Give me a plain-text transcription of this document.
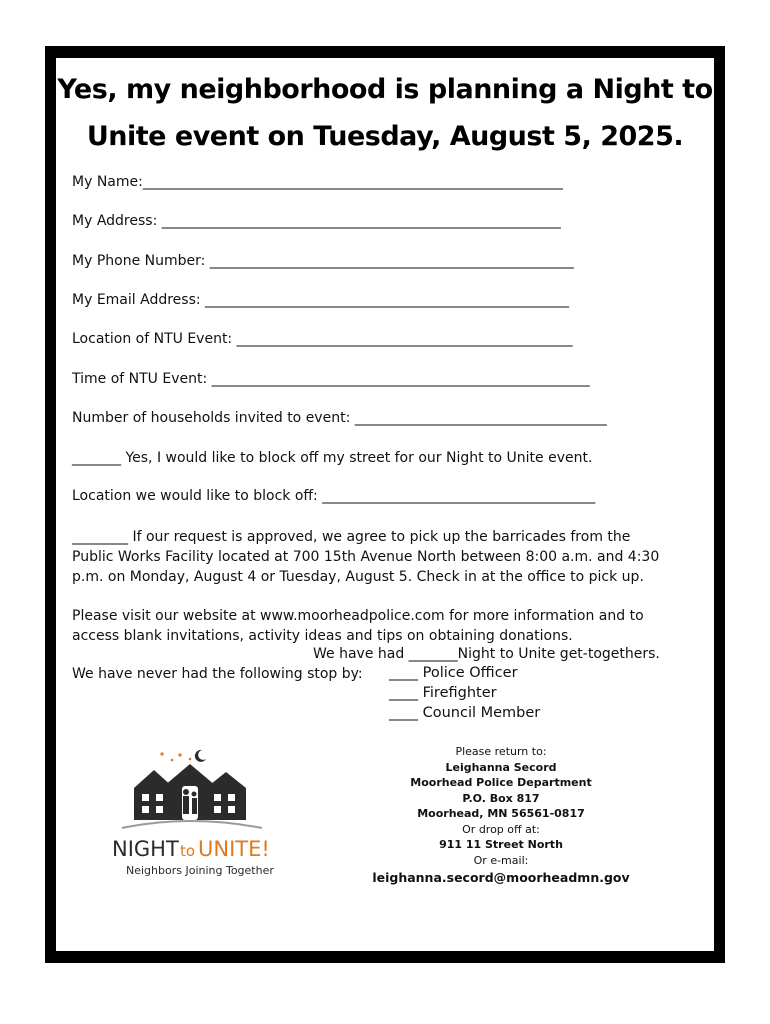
Yes, my neighborhood is planning a Night to
Unite event on Tuesday, August 5, 2025.
My Name:____________________________________________________________
My Address: _________________________________________________________
My Phone Number: ____________________________________________________
My Email Address: ____________________________________________________
Location of NTU Event: ________________________________________________
Time of NTU Event: ______________________________________________________
Number of households invited to event: ____________________________________
_______ Yes, I would like to block off my street for our Night to Unite event.
Location we would like to block off: _______________________________________
________ If our request is approved, we agree to pick up the barricades from the Public Works Facility located at 700 15th Avenue North between 8:00 a.m. and 4:30 p.m. on Monday, August 4 or Tuesday, August 5. Check in at the office to pick up.
Please visit our website at www.moorheadpolice.com for more information and to access blank invitations, activity ideas and tips on obtaining donations.
We have had _______Night to Unite get-togethers.
We have never had the following stop by: ____ Police Officer
____ Firefighter
____ Council Member
NIGHT to UNITE!
Neighbors Joining Together
Please return to:
Leighanna Secord
Moorhead Police Department
P.O. Box 817
Moorhead, MN 56561-0817
Or drop off at:
911 11 Street North
Or e-mail:
leighanna.secord@moorheadmn.gov
